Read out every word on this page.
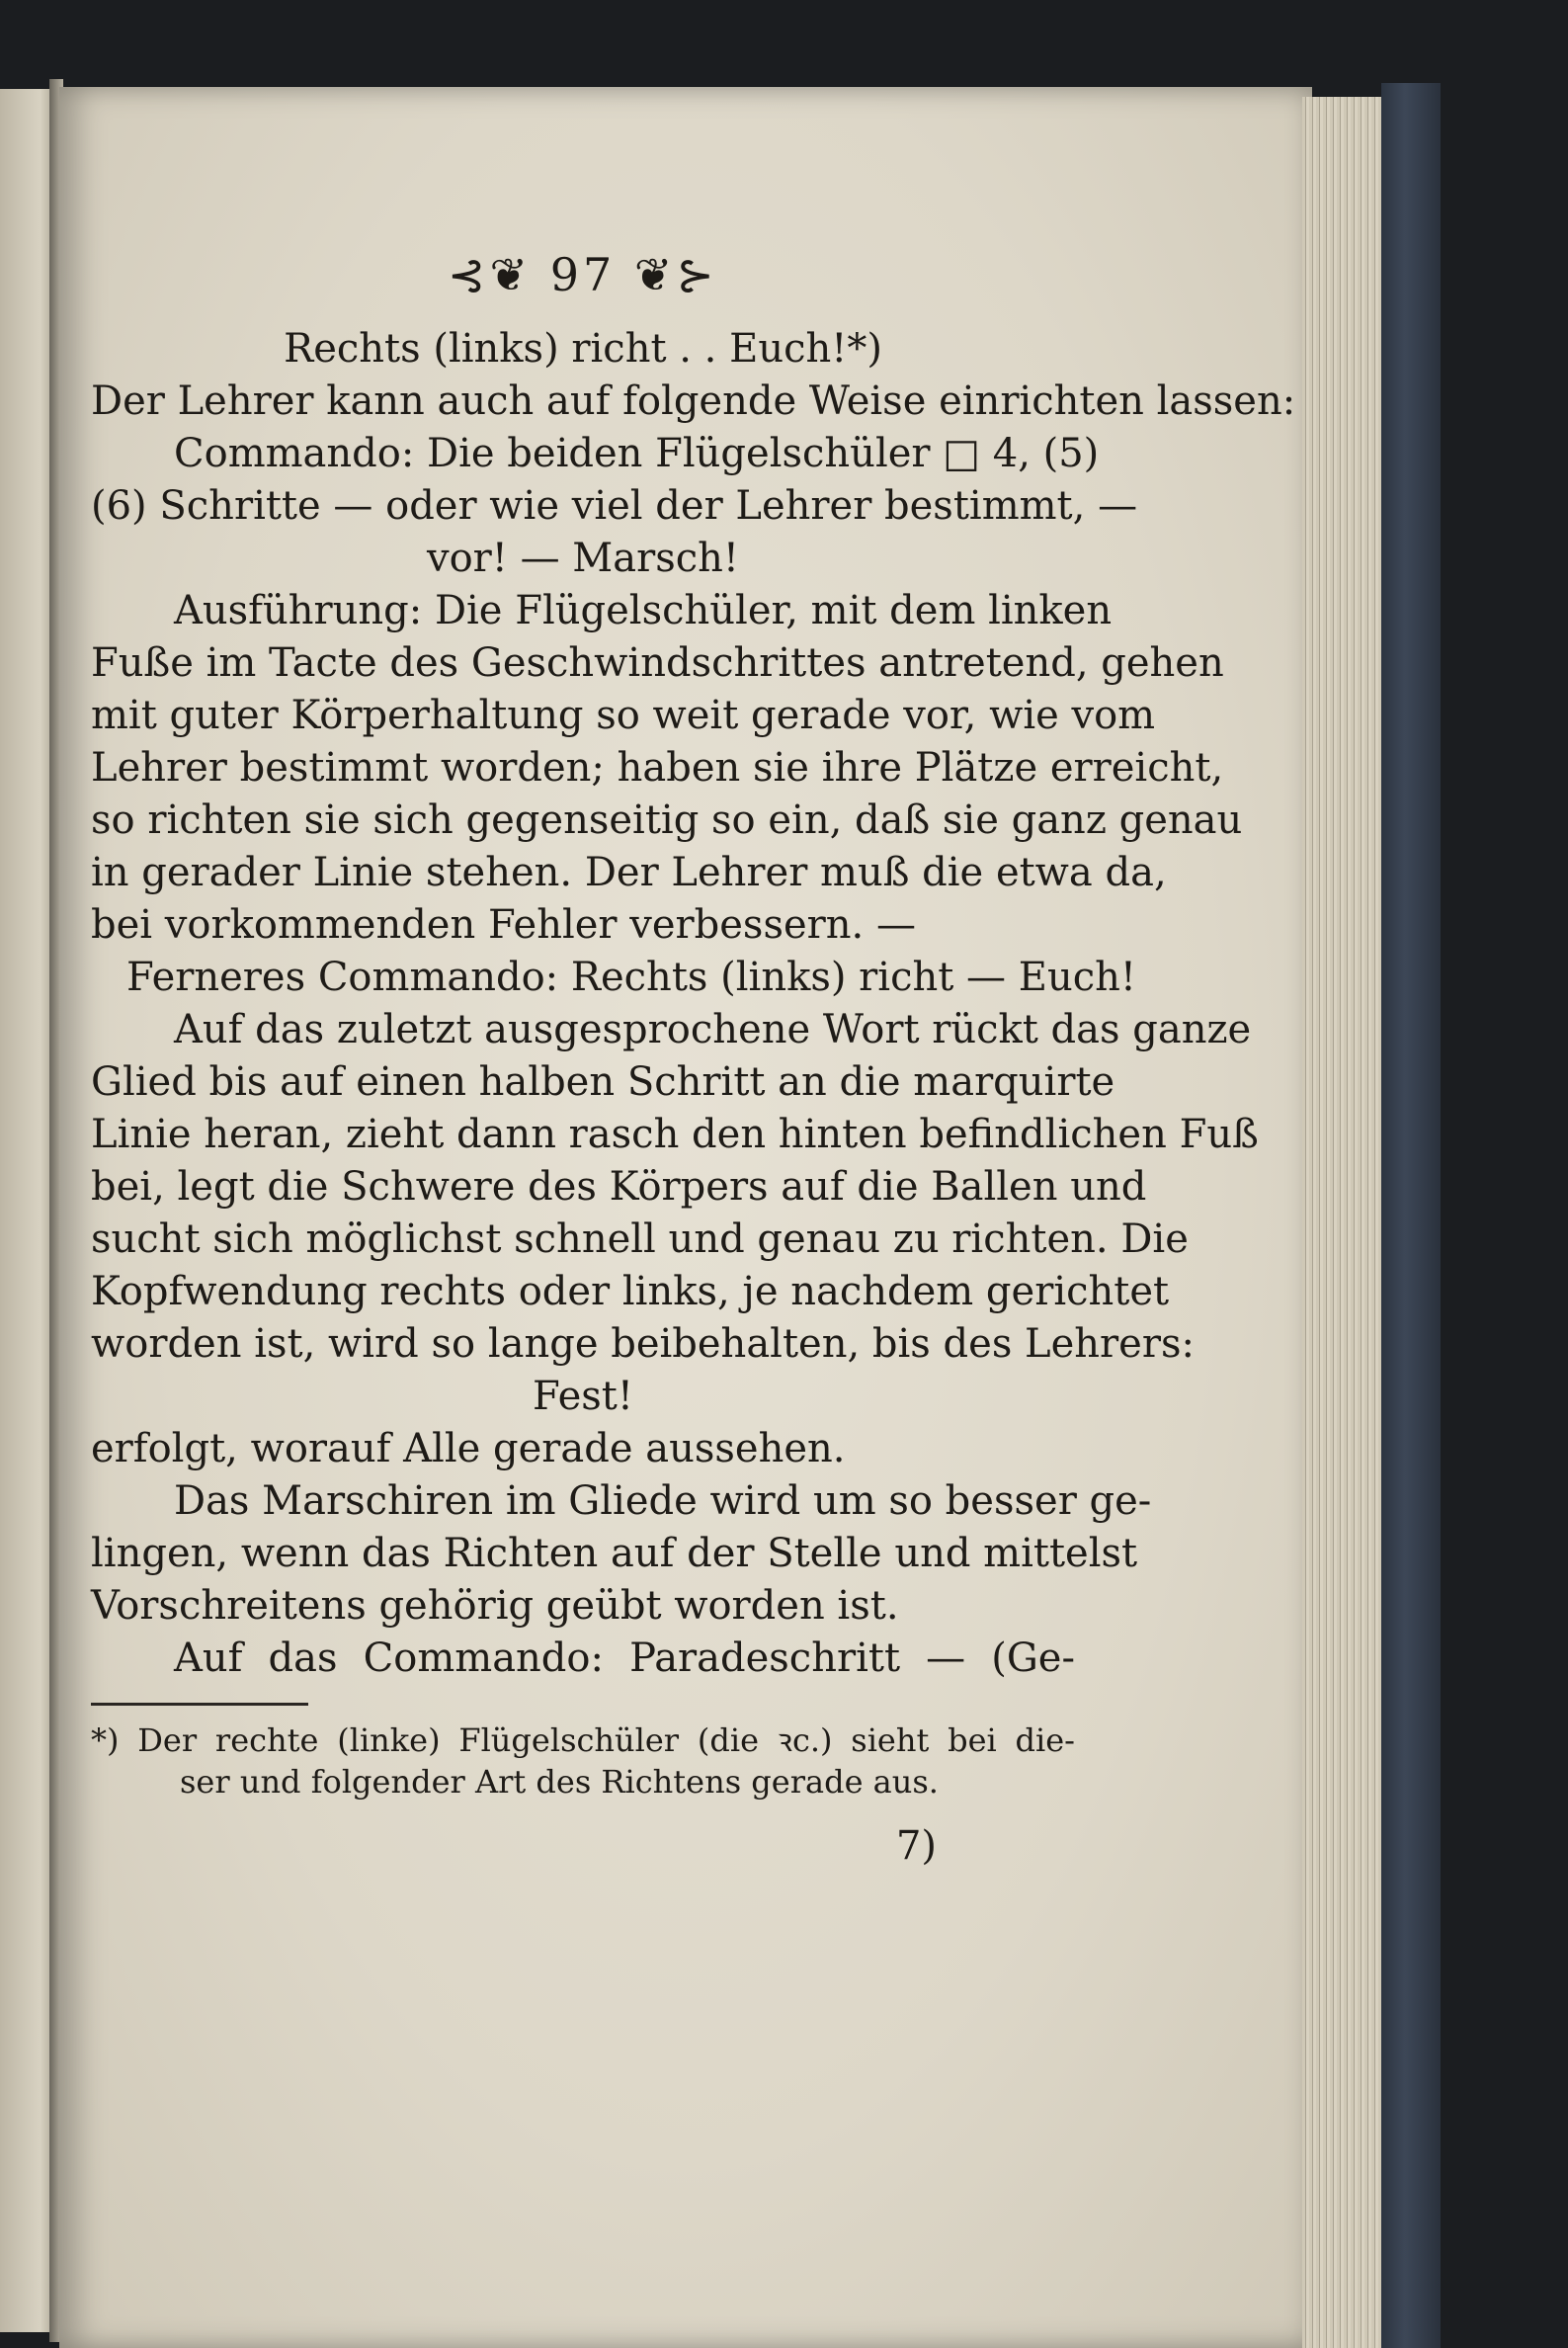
⊰❦ 97 ❦⊱
Rechts (links) richt . . Euch!*)
Der Lehrer kann auch auf folgende Weise einrichten lassen:
Commando: Die beiden Flügelschüler □ 4, (5)
(6) Schritte — oder wie viel der Lehrer bestimmt, —
vor! — Marsch!
Ausführung: Die Flügelschüler, mit dem linken
Fuße im Tacte des Geschwindschrittes antretend, gehen
mit guter Körperhaltung so weit gerade vor, wie vom
Lehrer bestimmt worden; haben sie ihre Plätze erreicht,
so richten sie sich gegenseitig so ein, daß sie ganz genau
in gerader Linie stehen. Der Lehrer muß die etwa da,
bei vorkommenden Fehler verbessern. —
Ferneres Commando: Rechts (links) richt — Euch!
Auf das zuletzt ausgesprochene Wort rückt das ganze
Glied bis auf einen halben Schritt an die marquirte
Linie heran, zieht dann rasch den hinten befindlichen Fuß
bei, legt die Schwere des Körpers auf die Ballen und
sucht sich möglichst schnell und genau zu richten. Die
Kopfwendung rechts oder links, je nachdem gerichtet
worden ist, wird so lange beibehalten, bis des Lehrers:
Fest!
erfolgt, worauf Alle gerade aussehen.
Das Marschiren im Gliede wird um so besser ge-
lingen, wenn das Richten auf der Stelle und mittelst
Vorschreitens gehörig geübt worden ist.
Auf das Commando: Paradeschritt — (Ge-
*) Der rechte (linke) Flügelschüler (die ꝛc.) sieht bei die-
ser und folgender Art des Richtens gerade aus.
7)
